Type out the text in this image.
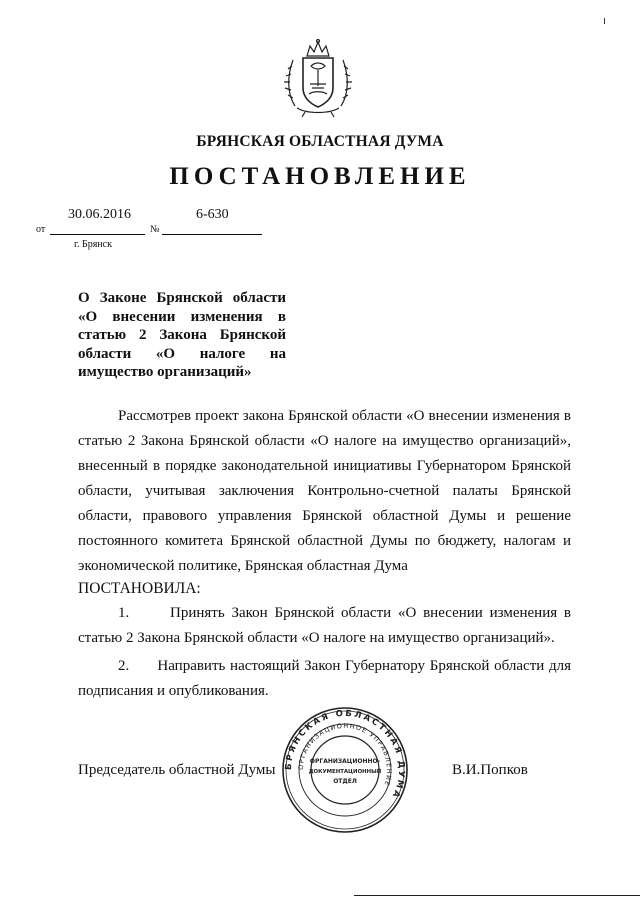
БРЯНСКАЯ ОБЛАСТНАЯ ДУМА
ПОСТАНОВЛЕНИЕ
30.06.2016	6-630
от	№
г. Брянск
О Законе Брянской области
«О внесении изменения в
статью 2 Закона Брянской
области «О налоге на
имущество организаций»
Рассмотрев проект закона Брянской области «О внесении изменения в
статью 2 Закона Брянской области «О налоге на имущество организаций»,
внесенный в порядке законодательной инициативы Губернатором Брянской
области, учитывая заключения Контрольно-счетной палаты Брянской
области, правового управления Брянской областной Думы и решение
постоянного комитета Брянской областной Думы по бюджету, налогам и
экономической политике, Брянская областная Дума
ПОСТАНОВИЛА:
1.	Принять Закон Брянской области «О внесении изменения в
статью 2 Закона Брянской области «О налоге на имущество организаций».
2. Направить настоящий Закон Губернатору Брянской области для
подписания и опубликования.
БРЯНСКАЯ ОБЛАСТНАЯ ДУМА
ОРГАНИЗАЦИОННОЕ УПРАВЛЕНИЕ
ОРГАНИЗАЦИОННО-
ДОКУМЕНТАЦИОННЫЙ
ОТДЕЛ
Председатель областной Думы	В.И.Попков
